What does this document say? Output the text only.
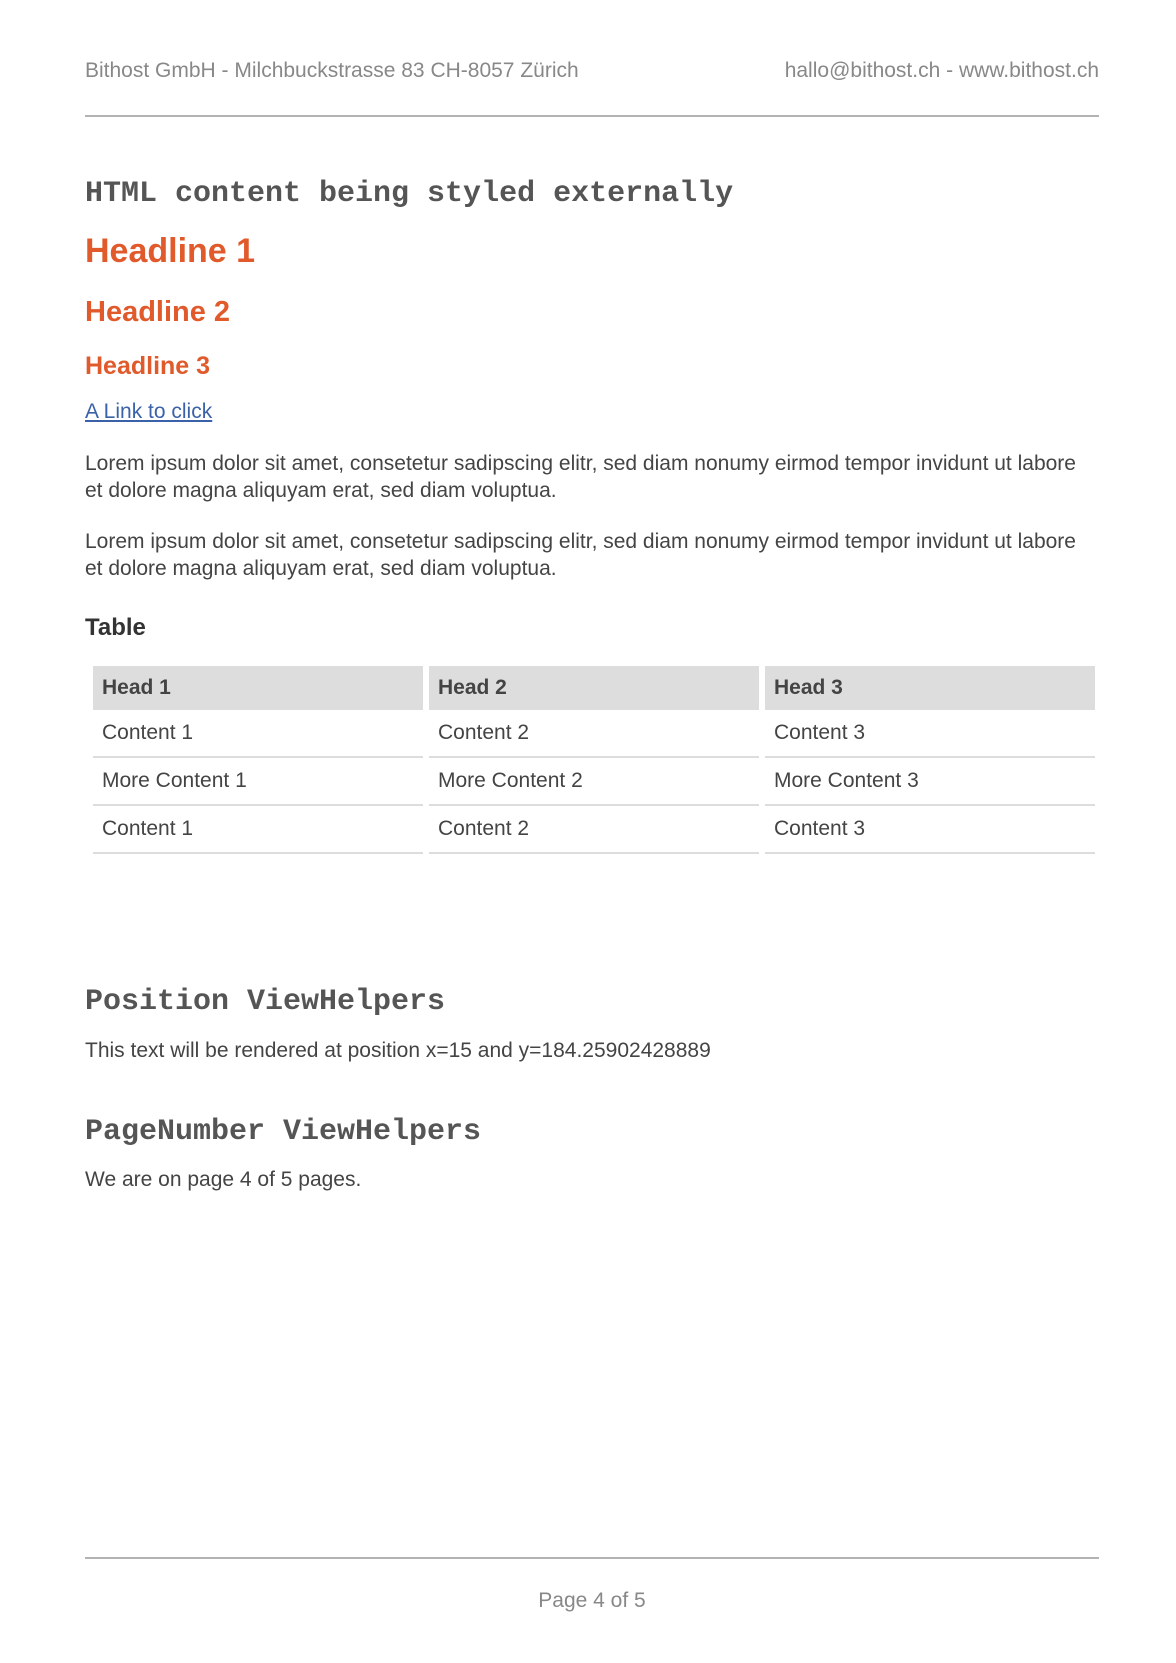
Bithost GmbH - Milchbuckstrasse 83 CH-8057 Zürich	hallo@bithost.ch - www.bithost.ch
HTML content being styled externally
Headline 1
Headline 2
Headline 3
A Link to click

Lorem ipsum dolor sit amet, consetetur sadipscing elitr, sed diam nonumy eirmod tempor invidunt ut labore et dolore magna aliquyam erat, sed diam voluptua.

Lorem ipsum dolor sit amet, consetetur sadipscing elitr, sed diam nonumy eirmod tempor invidunt ut labore et dolore magna aliquyam erat, sed diam voluptua.

Table
Head 1	Head 2	Head 3
Content 1	Content 2	Content 3
More Content 1	More Content 2	More Content 3
Content 1	Content 2	Content 3
Position ViewHelpers

This text will be rendered at position x=15 and y=184.25902428889

PageNumber ViewHelpers

We are on page 4 of 5 pages.

Page 4 of 5
